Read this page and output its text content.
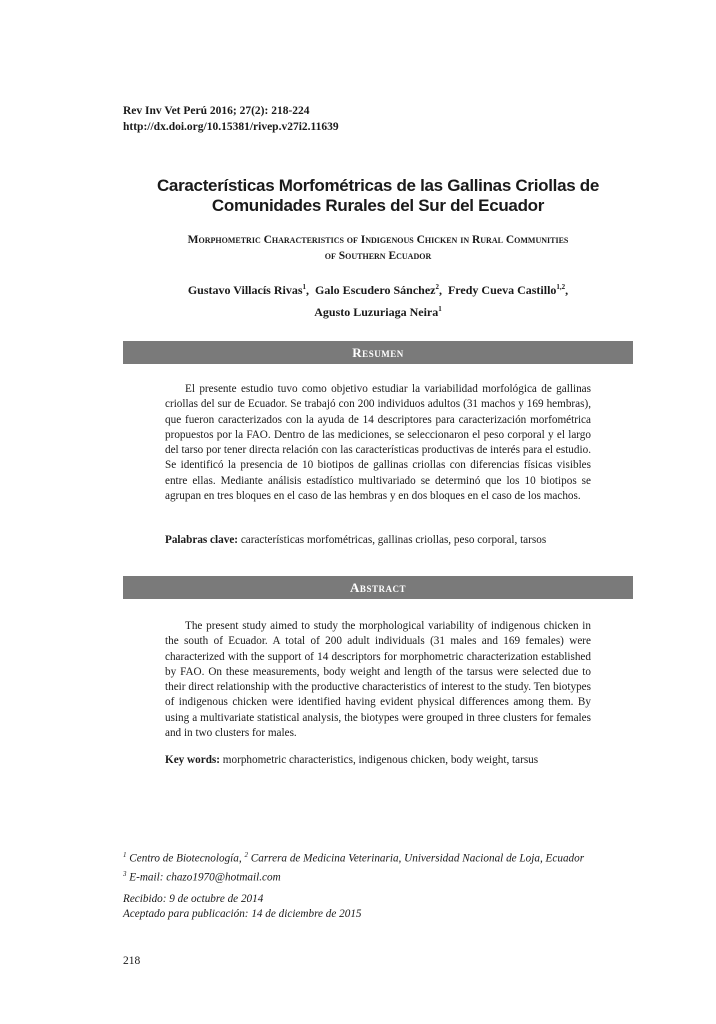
Rev Inv Vet Perú 2016; 27(2): 218-224
http://dx.doi.org/10.15381/rivep.v27i2.11639
Características Morfométricas de las Gallinas Criollas de
Comunidades Rurales del Sur del Ecuador
Morphometric Characteristics of Indigenous Chicken in Rural Communities
of Southern Ecuador
Gustavo Villacís Rivas$^1$,  Galo Escudero Sánchez$^2$,  Fredy Cueva Castillo$^{1,2}$,
Agusto Luzuriaga Neira$^1$
Resumen

El presente estudio tuvo como objetivo estudiar la variabilidad morfológica de gallinas criollas del sur de Ecuador. Se trabajó con 200 individuos adultos (31 machos y 169 hembras), que fueron caracterizados con la ayuda de 14 descriptores para caracterización morfométrica propuestos por la FAO. Dentro de las mediciones, se seleccionaron el peso corporal y el largo del tarso por tener directa relación con las características productivas de interés para el estudio. Se identificó la presencia de 10 biotipos de gallinas criollas con diferencias físicas visibles entre ellas. Mediante análisis estadístico multivariado se determinó que los 10 biotipos se agrupan en tres bloques en el caso de las hembras y en dos bloques en el caso de los machos.

Palabras clave: características morfométricas, gallinas criollas, peso corporal, tarsos
Abstract

The present study aimed to study the morphological variability of indigenous chicken in the south of Ecuador. A total of 200 adult individuals (31 males and 169 females) were characterized with the support of 14 descriptors for morphometric characterization established by FAO. On these measurements, body weight and length of the tarsus were selected due to their direct relationship with the productive characteristics of interest to the study. Ten biotypes of indigenous chicken were identified having evident physical differences among them. By using a multivariate statistical analysis, the biotypes were grouped in three clusters for females and in two clusters for males.

Key words: morphometric characteristics, indigenous chicken, body weight, tarsus
$^1$ Centro de Biotecnología, $^2$ Carrera de Medicina Veterinaria, Universidad Nacional de Loja, Ecuador
$^3$ E-mail: chazo1970@hotmail.com
Recibido: 9 de octubre de 2014
Aceptado para publicación: 14 de diciembre de 2015
218
